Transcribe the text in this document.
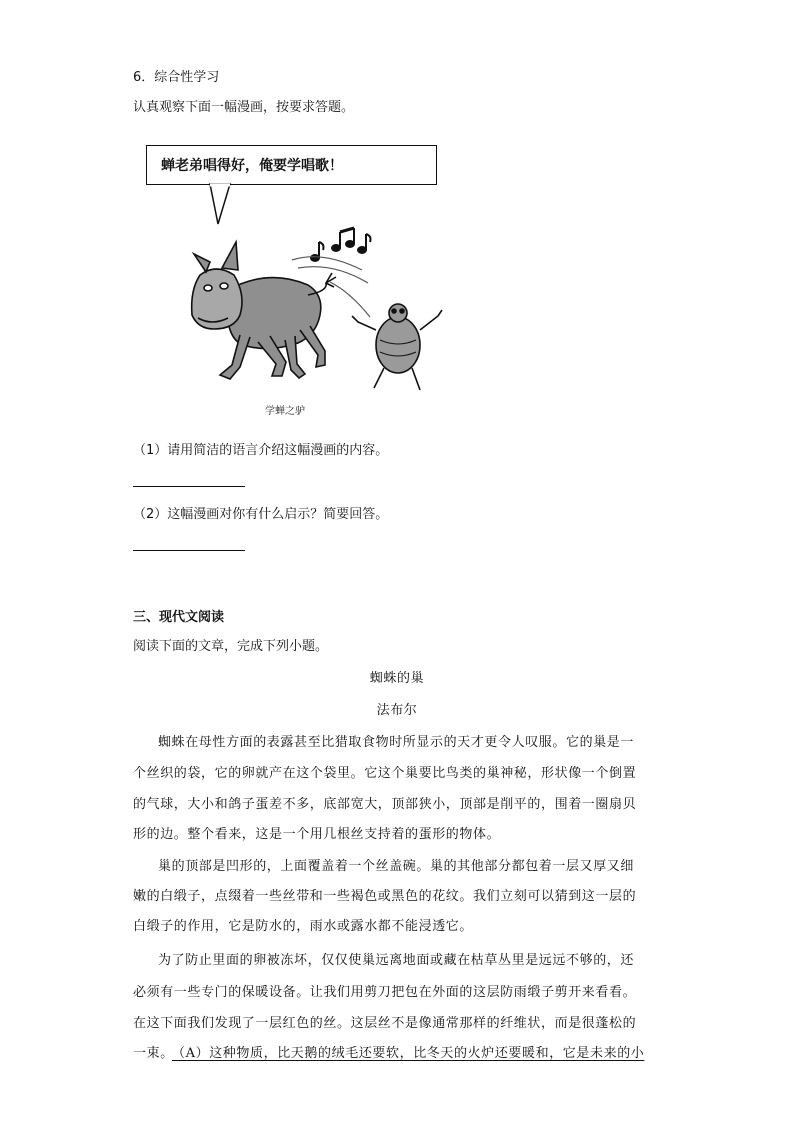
6．综合性学习
认真观察下面一幅漫画，按要求答题。
蝉老弟唱得好，俺要学唱歌！
学蝉之驴
（1）请用简洁的语言介绍这幅漫画的内容。
（2）这幅漫画对你有什么启示？简要回答。
三、现代文阅读
阅读下面的文章，完成下列小题。
蜘蛛的巢
法布尔
蜘蛛在母性方面的表露甚至比猎取食物时所显示的天才更令人叹服。它的巢是一
个丝织的袋，它的卵就产在这个袋里。它这个巢要比鸟类的巢神秘，形状像一个倒置
的气球，大小和鸽子蛋差不多，底部宽大，顶部狭小，顶部是削平的，围着一圈扇贝
形的边。整个看来，这是一个用几根丝支持着的蛋形的物体。
巢的顶部是凹形的，上面覆盖着一个丝盖碗。巢的其他部分都包着一层又厚又细
嫩的白缎子，点缀着一些丝带和一些褐色或黑色的花纹。我们立刻可以猜到这一层的
白缎子的作用，它是防水的，雨水或露水都不能浸透它。
为了防止里面的卵被冻坏，仅仅使巢远离地面或藏在枯草丛里是远远不够的，还
必须有一些专门的保暖设备。让我们用剪刀把包在外面的这层防雨缎子剪开来看看。
在这下面我们发现了一层红色的丝。这层丝不是像通常那样的纤维状，而是很蓬松的
一束。
（A）这种物质，比天鹅的绒毛还要软，比冬天的火炉还要暖和，它是未来的小
